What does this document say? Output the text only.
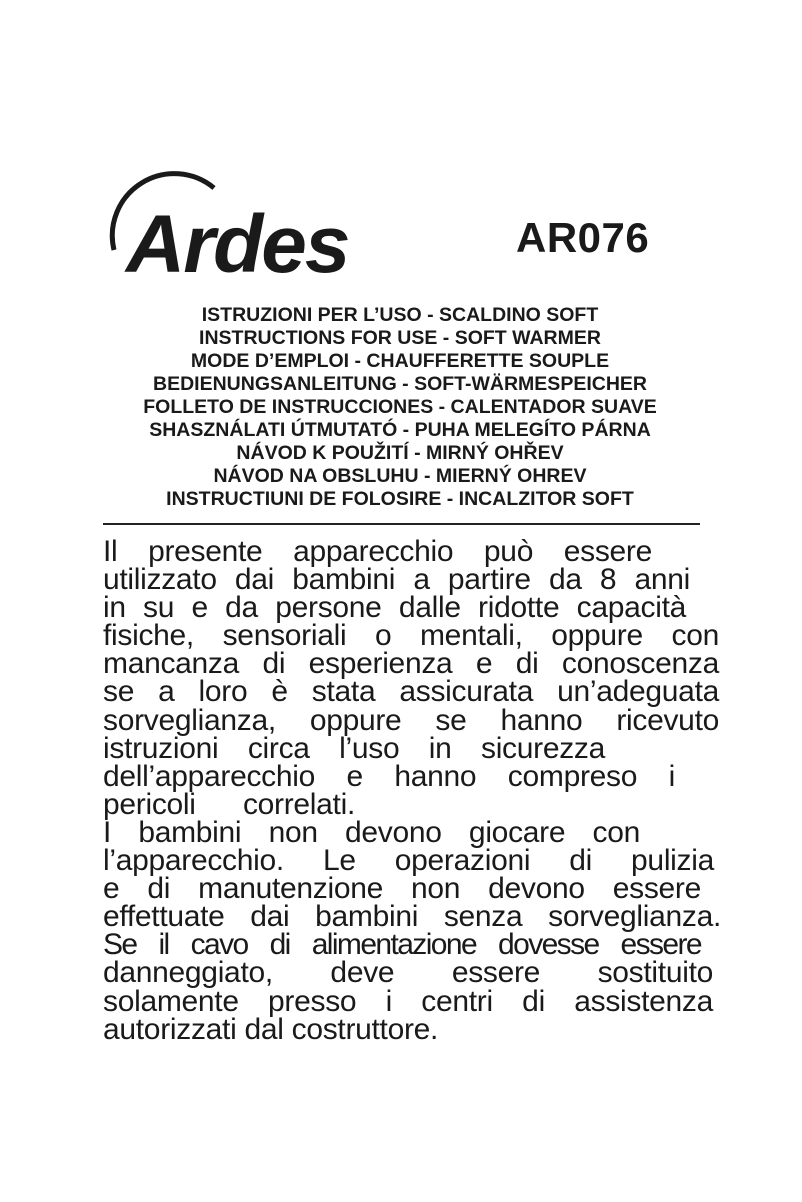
Ardes	AR076
ISTRUZIONI PER L’USO - SCALDINO SOFT
INSTRUCTIONS FOR USE - SOFT WARMER
MODE D’EMPLOI - CHAUFFERETTE SOUPLE
BEDIENUNGSANLEITUNG - SOFT-WÄRMESPEICHER
FOLLETO DE INSTRUCCIONES - CALENTADOR SUAVE
SHASZNÁLATI ÚTMUTATÓ - PUHA MELEGÍTO PÁRNA
NÁVOD K POUŽITÍ - MIRNÝ OHŘEV
NÁVOD NA OBSLUHU - MIERNÝ OHREV
INSTRUCTIUNI DE FOLOSIRE - INCALZITOR SOFT
Il presente apparecchio può essere
utilizzato dai bambini a partire da 8 anni
in su e da persone dalle ridotte capacità
fisiche, sensoriali o mentali, oppure con
mancanza di esperienza e di conoscenza
se a loro è stata assicurata un’adeguata
sorveglianza, oppure se hanno ricevuto
istruzioni circa l’uso in sicurezza
dell’apparecchio e hanno compreso i
pericoli correlati.
I bambini non devono giocare con
l’apparecchio. Le operazioni di pulizia
e di manutenzione non devono essere
effettuate dai bambini senza sorveglianza.
Se il cavo di alimentazione dovesse essere
danneggiato, deve essere sostituito
solamente presso i centri di assistenza
autorizzati dal costruttore.
